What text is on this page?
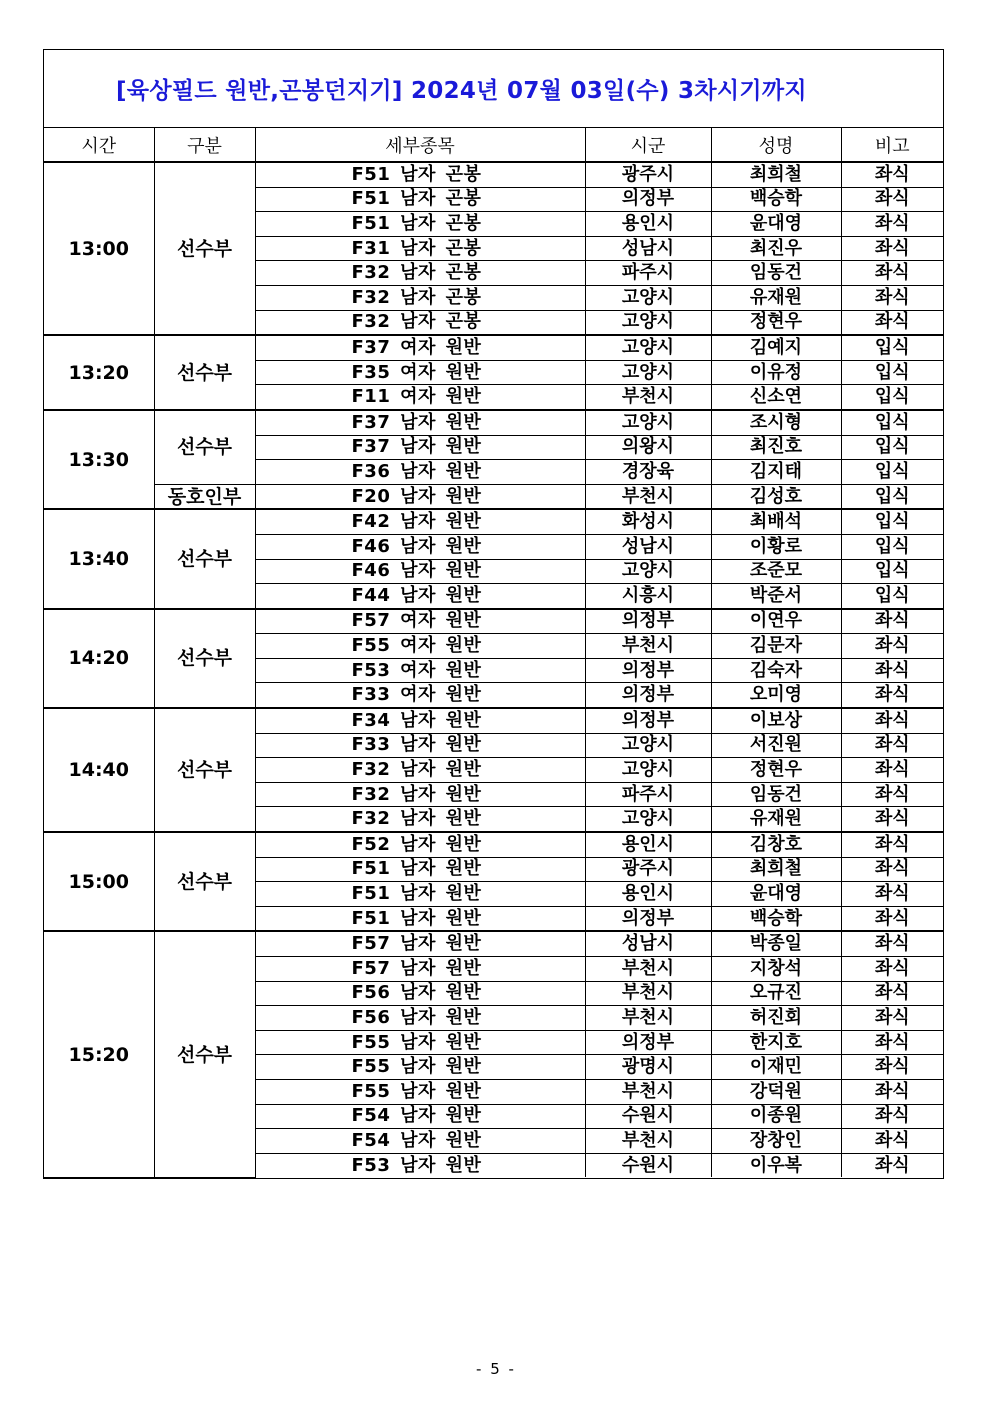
[육상필드 원반,곤봉던지기] 2024년 07월 03일(수) 3차시기까지
시간	구분	세부종목	시군	성명	비고
13:00	선수부	F51 남자 곤봉	광주시	최희철	좌식
		F51 남자 곤봉	의정부	백승학	좌식
		F51 남자 곤봉	용인시	윤대영	좌식
		F31 남자 곤봉	성남시	최진우	좌식
		F32 남자 곤봉	파주시	임동건	좌식
		F32 남자 곤봉	고양시	유재원	좌식
		F32 남자 곤봉	고양시	정현우	좌식
13:20	선수부	F37 여자 원반	고양시	김예지	입식
		F35 여자 원반	고양시	이유정	입식
		F11 여자 원반	부천시	신소연	입식
13:30	선수부	F37 남자 원반	고양시	조시형	입식
		F37 남자 원반	의왕시	최진호	입식
		F36 남자 원반	경장육	김지태	입식
	동호인부	F20 남자 원반	부천시	김성호	입식
13:40	선수부	F42 남자 원반	화성시	최배석	입식
		F46 남자 원반	성남시	이황로	입식
		F46 남자 원반	고양시	조준모	입식
		F44 남자 원반	시흥시	박준서	입식
14:20	선수부	F57 여자 원반	의정부	이연우	좌식
		F55 여자 원반	부천시	김문자	좌식
		F53 여자 원반	의정부	김숙자	좌식
		F33 여자 원반	의정부	오미영	좌식
14:40	선수부	F34 남자 원반	의정부	이보상	좌식
		F33 남자 원반	고양시	서진원	좌식
		F32 남자 원반	고양시	정현우	좌식
		F32 남자 원반	파주시	임동건	좌식
		F32 남자 원반	고양시	유재원	좌식
15:00	선수부	F52 남자 원반	용인시	김창호	좌식
		F51 남자 원반	광주시	최희철	좌식
		F51 남자 원반	용인시	윤대영	좌식
		F51 남자 원반	의정부	백승학	좌식
15:20	선수부	F57 남자 원반	성남시	박종일	좌식
		F57 남자 원반	부천시	지창석	좌식
		F56 남자 원반	부천시	오규진	좌식
		F56 남자 원반	부천시	허진회	좌식
		F55 남자 원반	의정부	한지호	좌식
		F55 남자 원반	광명시	이재민	좌식
		F55 남자 원반	부천시	강덕원	좌식
		F54 남자 원반	수원시	이종원	좌식
		F54 남자 원반	부천시	장창인	좌식
		F53 남자 원반	수원시	이우복	좌식
- 5 -
